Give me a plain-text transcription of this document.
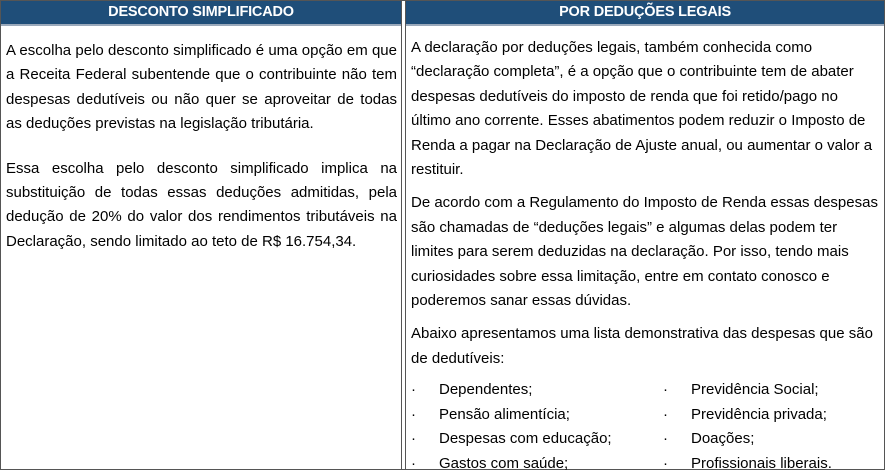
DESCONTO SIMPLIFICADO

A escolha pelo desconto simplificado é uma opção em que a Receita Federal subentende que o contribuinte não tem despesas dedutíveis ou não quer se aproveitar de todas as deduções previstas na legislação tributária.

Essa escolha pelo desconto simplificado implica na substituição de todas essas deduções admitidas, pela dedução de 20% do valor dos rendimentos tributáveis na Declaração, sendo limitado ao teto de R$ 16.754,34.

POR DEDUÇÕES LEGAIS

A declaração por deduções legais, também conhecida como “declaração completa”, é a opção que o contribuinte tem de abater despesas dedutíveis do imposto de renda que foi retido/pago no último ano corrente. Esses abatimentos podem reduzir o Imposto de Renda a pagar na Declaração de Ajuste anual, ou aumentar o valor a restituir.

De acordo com a Regulamento do Imposto de Renda essas despesas são chamadas de “deduções legais” e algumas delas podem ter limites para serem deduzidas na declaração. Por isso, tendo mais curiosidades sobre essa limitação, entre em contato conosco e poderemos sanar essas dúvidas.

Abaixo apresentamos uma lista demonstrativa das despesas que são de dedutíveis:

·	Dependentes;	·	Previdência Social;
·	Pensão alimentícia;	·	Previdência privada;
·	Despesas com educação;	·	Doações;
·	Gastos com saúde;	·	Profissionais liberais.
